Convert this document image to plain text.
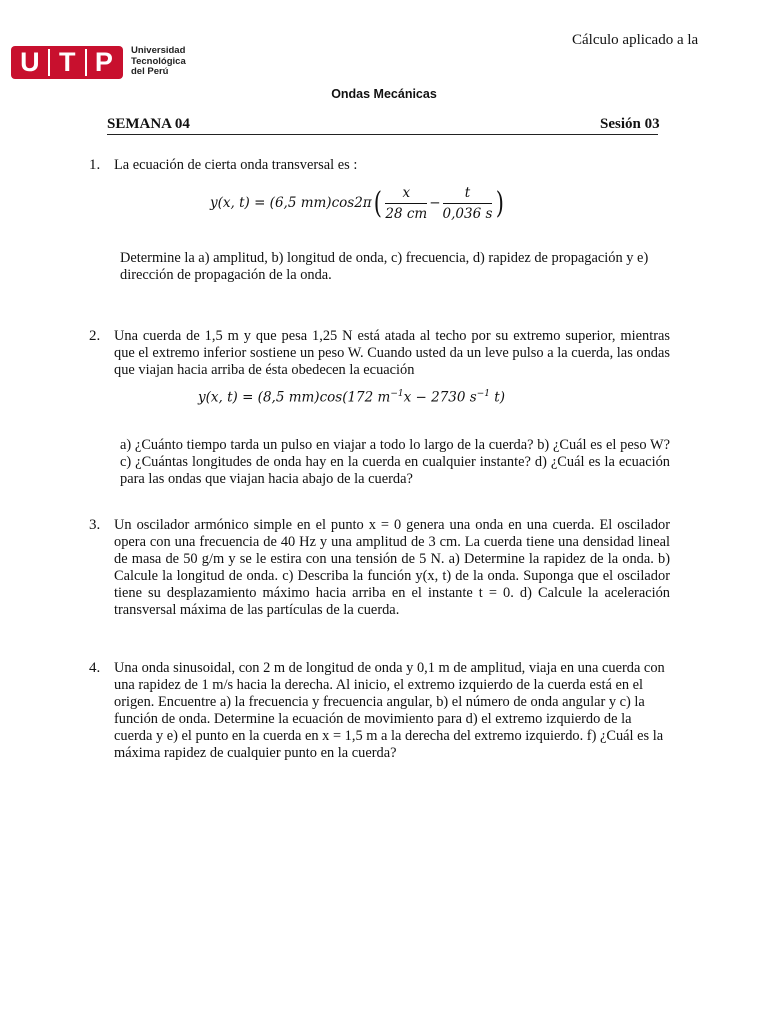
U T P Universidad
Tecnológica
del Perú
Cálculo aplicado a la
Ondas Mecánicas
SEMANA 04	Sesión 03
1. La ecuación de cierta onda transversal es :
y(x, t) = (6,5 $mm)\cos 2\pi( \frac{x}{28 cm} - \frac{t}{0,036 s}$ )
Determine la a) amplitud, b) longitud de onda, c) frecuencia, d) rapidez de propagación y e) dirección de propagación de la onda.
2. Una cuerda de 1,5 m y que pesa 1,25 N está atada al techo por su extremo superior, mientras que el extremo inferior sostiene un peso W. Cuando usted da un leve pulso a la cuerda, las ondas que viajan hacia arriba de ésta obedecen la ecuación
y(x, t) = (8,5 mm)cos(172 $m^{-1}x - 2730$ $s^{-1}$ t)
a) ¿Cuánto tiempo tarda un pulso en viajar a todo lo largo de la cuerda? b) ¿Cuál es el peso W? c) ¿Cuántas longitudes de onda hay en la cuerda en cualquier instante? d) ¿Cuál es la ecuación para las ondas que viajan hacia abajo de la cuerda?
3. Un oscilador armónico simple en el punto x = 0 genera una onda en una cuerda. El oscilador opera con una frecuencia de 40 Hz y una amplitud de 3 cm. La cuerda tiene una densidad lineal de masa de 50 g/m y se le estira con una tensión de 5 N. a) Determine la rapidez de la onda. b) Calcule la longitud de onda. c) Describa la función y(x, t) de la onda. Suponga que el oscilador tiene su desplazamiento máximo hacia arriba en el instante t = 0. d) Calcule la aceleración transversal máxima de las partículas de la cuerda.
4. Una onda sinusoidal, con 2 m de longitud de onda y 0,1 m de amplitud, viaja en una cuerda con una rapidez de 1 m/s hacia la derecha. Al inicio, el extremo izquierdo de la cuerda está en el origen. Encuentre a) la frecuencia y frecuencia angular, b) el número de onda angular y c) la función de onda. Determine la ecuación de movimiento para d) el extremo izquierdo de la cuerda y e) el punto en la cuerda en x = 1,5 m a la derecha del extremo izquierdo. f) ¿Cuál es la máxima rapidez de cualquier punto en la cuerda?
